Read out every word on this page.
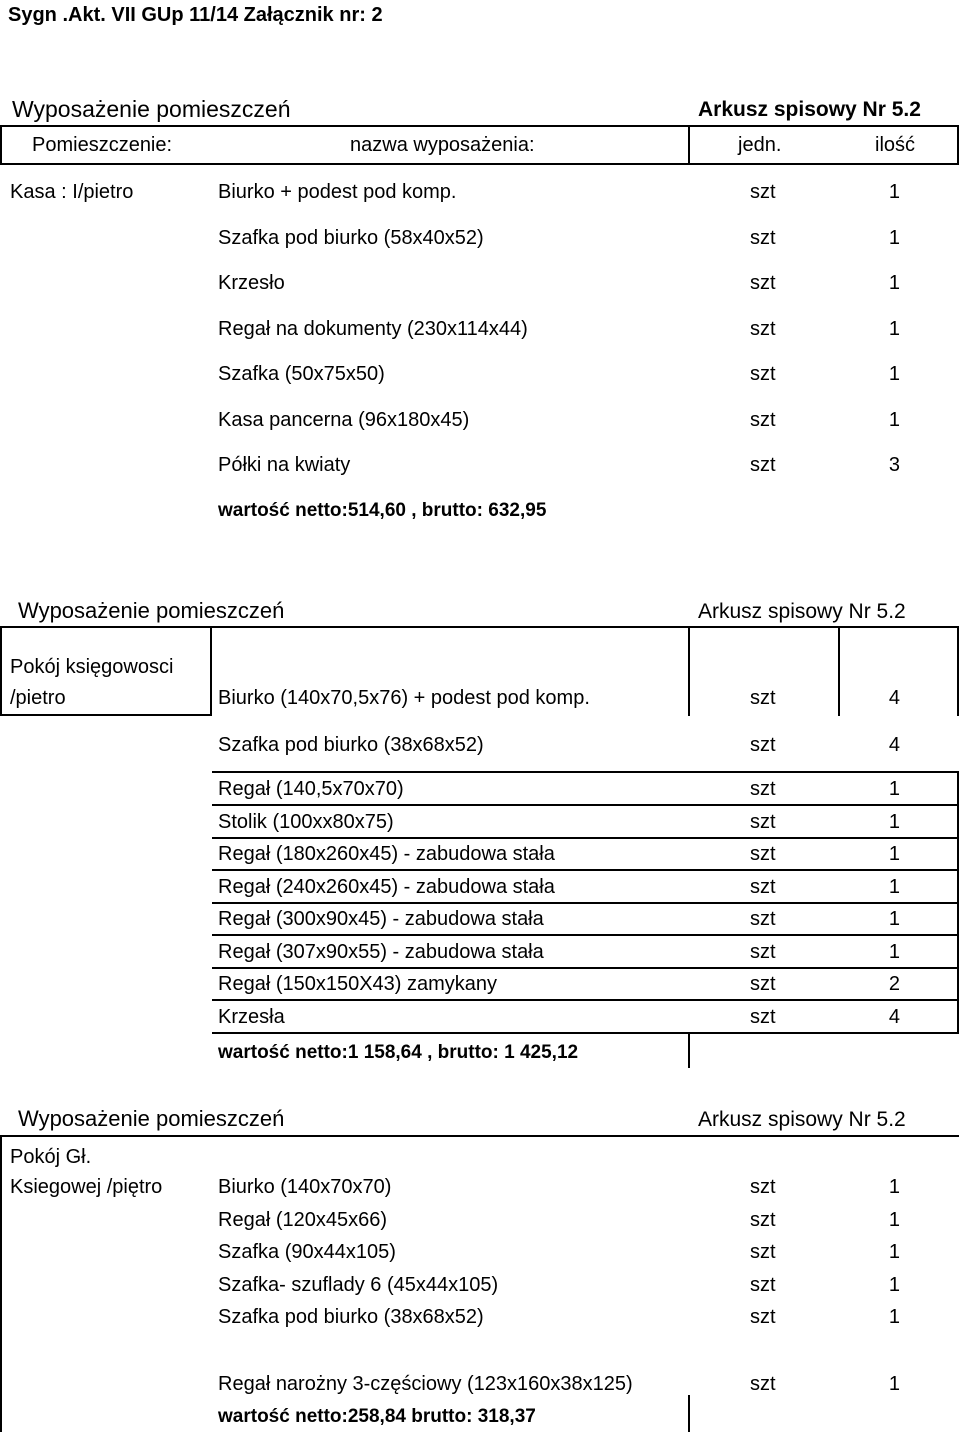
Sygn .Akt. VII GUp 11/14 Załącznik nr: 2
Wyposażenie pomieszczeń	Arkusz spisowy Nr 5.2
Pomieszczenie:	nazwa wyposażenia:	jedn.	ilość
Kasa : I/pietro	Biurko + podest pod komp.	szt	1
Szafka pod biurko (58x40x52)	szt	1
Krzesło	szt	1
Regał na dokumenty (230x114x44)	szt	1
Szafka (50x75x50)	szt	1
Kasa pancerna (96x180x45)	szt	1
Półki na kwiaty	szt	3
wartość netto:514,60 , brutto: 632,95
Wyposażenie pomieszczeń	Arkusz spisowy Nr 5.2
Pokój księgowosci
/pietro	Biurko (140x70,5x76) + podest pod komp.	szt	4
Szafka pod biurko (38x68x52)	szt	4
Regał (140,5x70x70)	szt	1
Stolik (100xx80x75)	szt	1
Regał (180x260x45) - zabudowa stała	szt	1
Regał (240x260x45) - zabudowa stała	szt	1
Regał (300x90x45) - zabudowa stała	szt	1
Regał (307x90x55) - zabudowa stała	szt	1
Regał (150x150X43) zamykany	szt	2
Krzesła	szt	4
wartość netto:1 158,64 , brutto: 1 425,12
Wyposażenie pomieszczeń	Arkusz spisowy Nr 5.2
Pokój Gł.
Ksiegowej /piętro	Biurko (140x70x70)	szt	1
Regał (120x45x66)	szt	1
Szafka (90x44x105)	szt	1
Szafka- szuflady 6 (45x44x105)	szt	1
Szafka pod biurko (38x68x52)	szt	1
Regał narożny 3-częściowy (123x160x38x125)	szt	1
wartość netto:258,84 brutto: 318,37
